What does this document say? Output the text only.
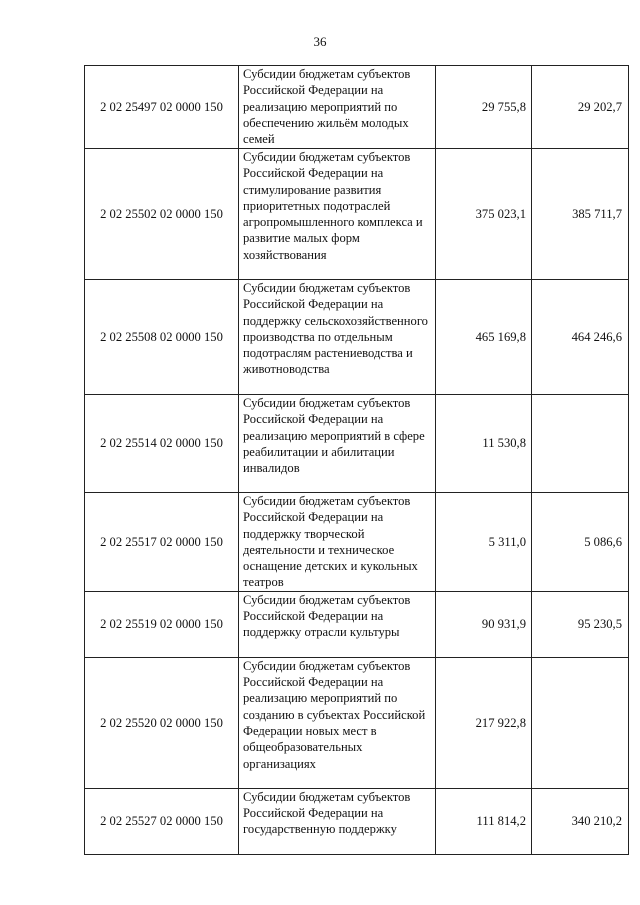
36
2 02 25497 02 0000 150	Субсидии бюджетам субъектов Российской Федерации на реализацию мероприятий по обеспечению жильём молодых семей	29 755,8	29 202,7
2 02 25502 02 0000 150	Субсидии бюджетам субъектов Российской Федерации на стимулирование развития приоритетных подотраслей агропромышленного комплекса и развитие малых форм хозяйствования	375 023,1	385 711,7
2 02 25508 02 0000 150	Субсидии бюджетам субъектов Российской Федерации на поддержку сельскохозяйственного производства по отдельным подотраслям растениеводства и животноводства	465 169,8	464 246,6
2 02 25514 02 0000 150	Субсидии бюджетам субъектов Российской Федерации на реализацию мероприятий в сфере реабилитации и абилитации инвалидов	11 530,8	
2 02 25517 02 0000 150	Субсидии бюджетам субъектов Российской Федерации на поддержку творческой деятельности и техническое оснащение детских и кукольных театров	5 311,0	5 086,6
2 02 25519 02 0000 150	Субсидии бюджетам субъектов Российской Федерации на поддержку отрасли культуры	90 931,9	95 230,5
2 02 25520 02 0000 150	Субсидии бюджетам субъектов Российской Федерации на реализацию мероприятий по созданию в субъектах Российской Федерации новых мест в общеобразовательных организациях	217 922,8	
2 02 25527 02 0000 150	Субсидии бюджетам субъектов Российской Федерации на государственную поддержку	111 814,2	340 210,2
